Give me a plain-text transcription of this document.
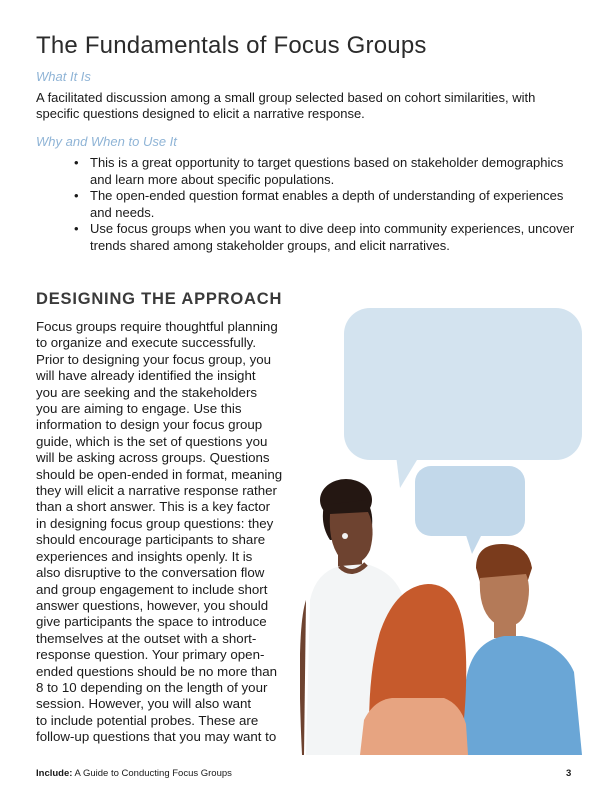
The Fundamentals of Focus Groups

What It Is

A facilitated discussion among a small group selected based on cohort similarities, with specific questions designed to elicit a narrative response.

Why and When to Use It

• This is a great opportunity to target questions based on stakeholder demographics and learn more about specific populations.
• The open-ended question format enables a depth of understanding of experiences and needs.
• Use focus groups when you want to dive deep into community experiences, uncover trends shared among stakeholder groups, and elicit narratives.
DESIGNING THE APPROACH
Focus groups require thoughtful planning
to organize and execute successfully.
Prior to designing your focus group, you
will have already identified the insight
you are seeking and the stakeholders
you are aiming to engage. Use this
information to design your focus group
guide, which is the set of questions you
will be asking across groups. Questions
should be open-ended in format, meaning
they will elicit a narrative response rather
than a short answer. This is a key factor
in designing focus group questions: they
should encourage participants to share
experiences and insights openly. It is
also disruptive to the conversation flow
and group engagement to include short
answer questions, however, you should
give participants the space to introduce
themselves at the outset with a short-
response question. Your primary open-
ended questions should be no more than
8 to 10 depending on the length of your
session. However, you will also want
to include potential probes. These are
follow-up questions that you may want to
Include: A Guide to Conducting Focus Groups	3
